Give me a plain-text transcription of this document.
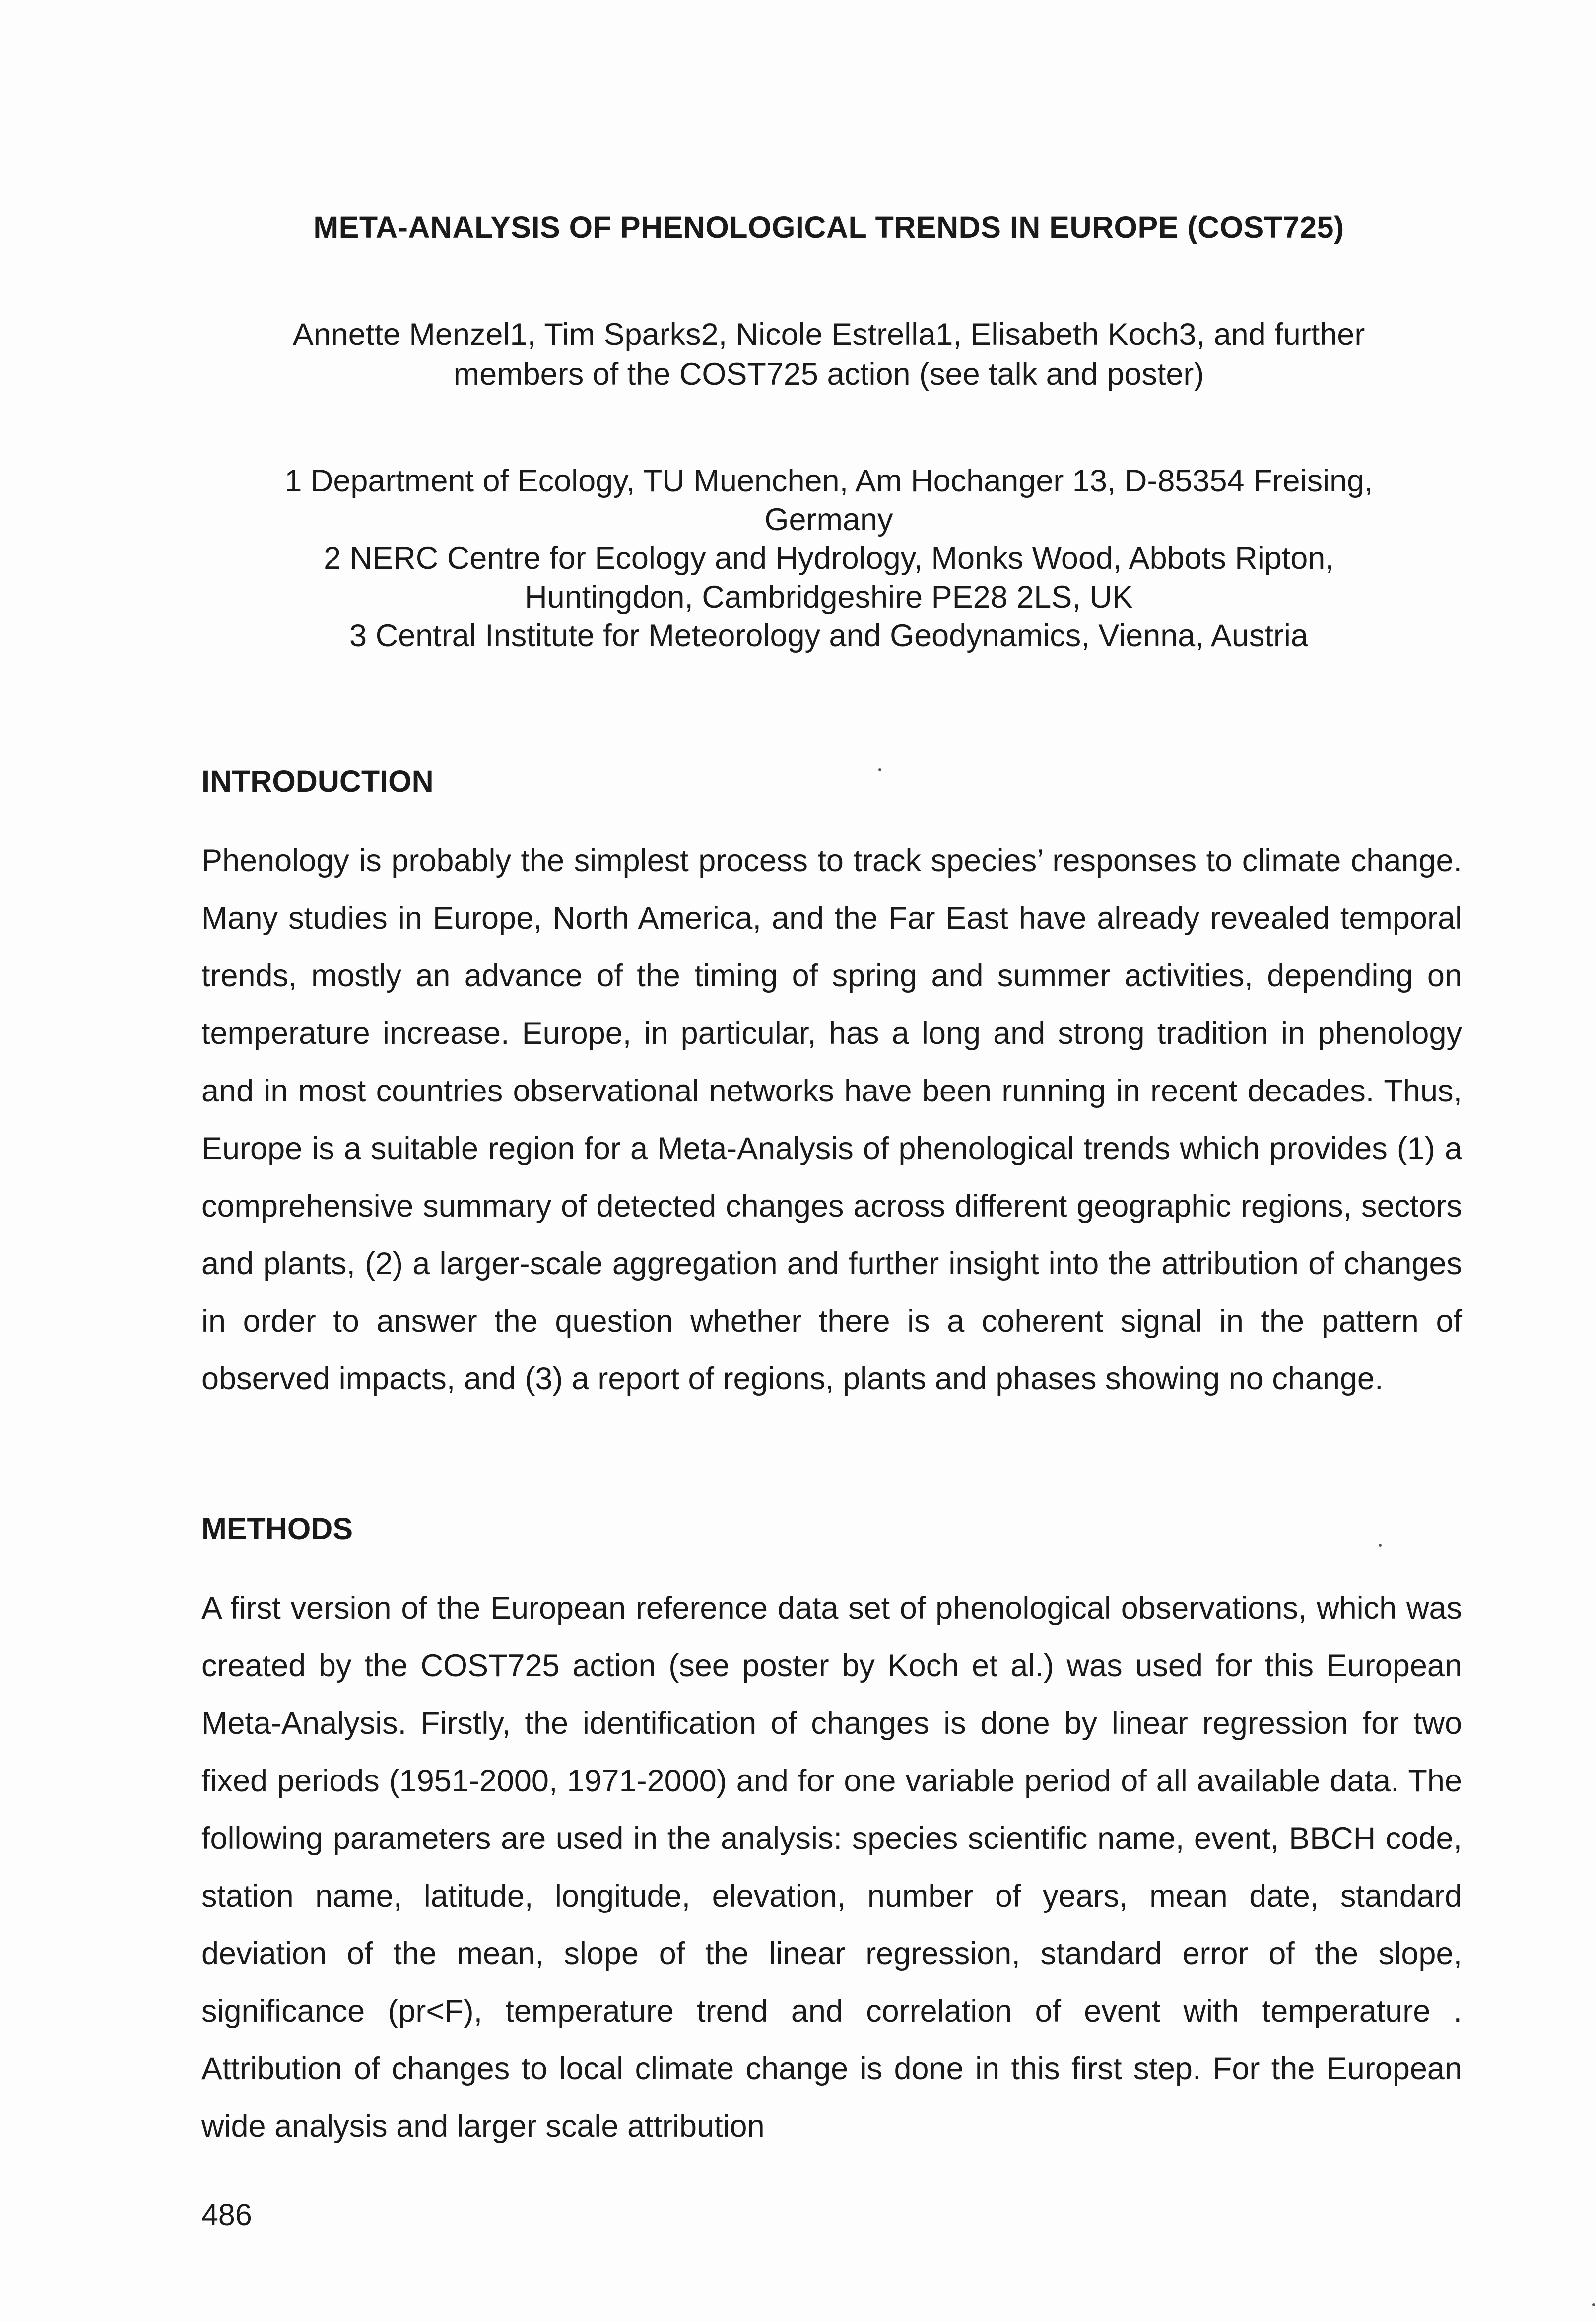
META-ANALYSIS OF PHENOLOGICAL TRENDS IN EUROPE (COST725)
Annette Menzel1, Tim Sparks2, Nicole Estrella1, Elisabeth Koch3, and further
members of the COST725 action (see talk and poster)
1 Department of Ecology, TU Muenchen, Am Hochanger 13, D-85354 Freising,
Germany
2 NERC Centre for Ecology and Hydrology, Monks Wood, Abbots Ripton,
Huntingdon, Cambridgeshire PE28 2LS, UK
3 Central Institute for Meteorology and Geodynamics, Vienna, Austria
INTRODUCTION
Phenology is probably the simplest process to track species’ responses to climate change. Many studies in Europe, North America, and the Far East have already revealed temporal trends, mostly an advance of the timing of spring and summer activities, depending on temperature increase. Europe, in particular, has a long and strong tradition in phenology and in most countries observational networks have been running in recent decades. Thus, Europe is a suitable region for a Meta-Analysis of phenological trends which provides (1) a comprehensive summary of detected changes across different geographic regions, sectors and plants, (2) a larger-scale aggregation and further insight into the attribution of changes in order to answer the question whether there is a coherent signal in the pattern of observed impacts, and (3) a report of regions, plants and phases showing no change.
METHODS
A first version of the European reference data set of phenological observations, which was created by the COST725 action (see poster by Koch et al.) was used for this European Meta-Analysis. Firstly, the identification of changes is done by linear regression for two fixed periods (1951-2000, 1971-2000) and for one variable period of all available data. The following parameters are used in the analysis: species scientific name, event, BBCH code, station name, latitude, longitude, elevation, number of years, mean date, standard deviation of the mean, slope of the linear regression, standard error of the slope, significance (pr<F), temperature trend and correlation of event with temperature . Attribution of changes to local climate change is done in this first step. For the European wide analysis and larger scale attribution
486
